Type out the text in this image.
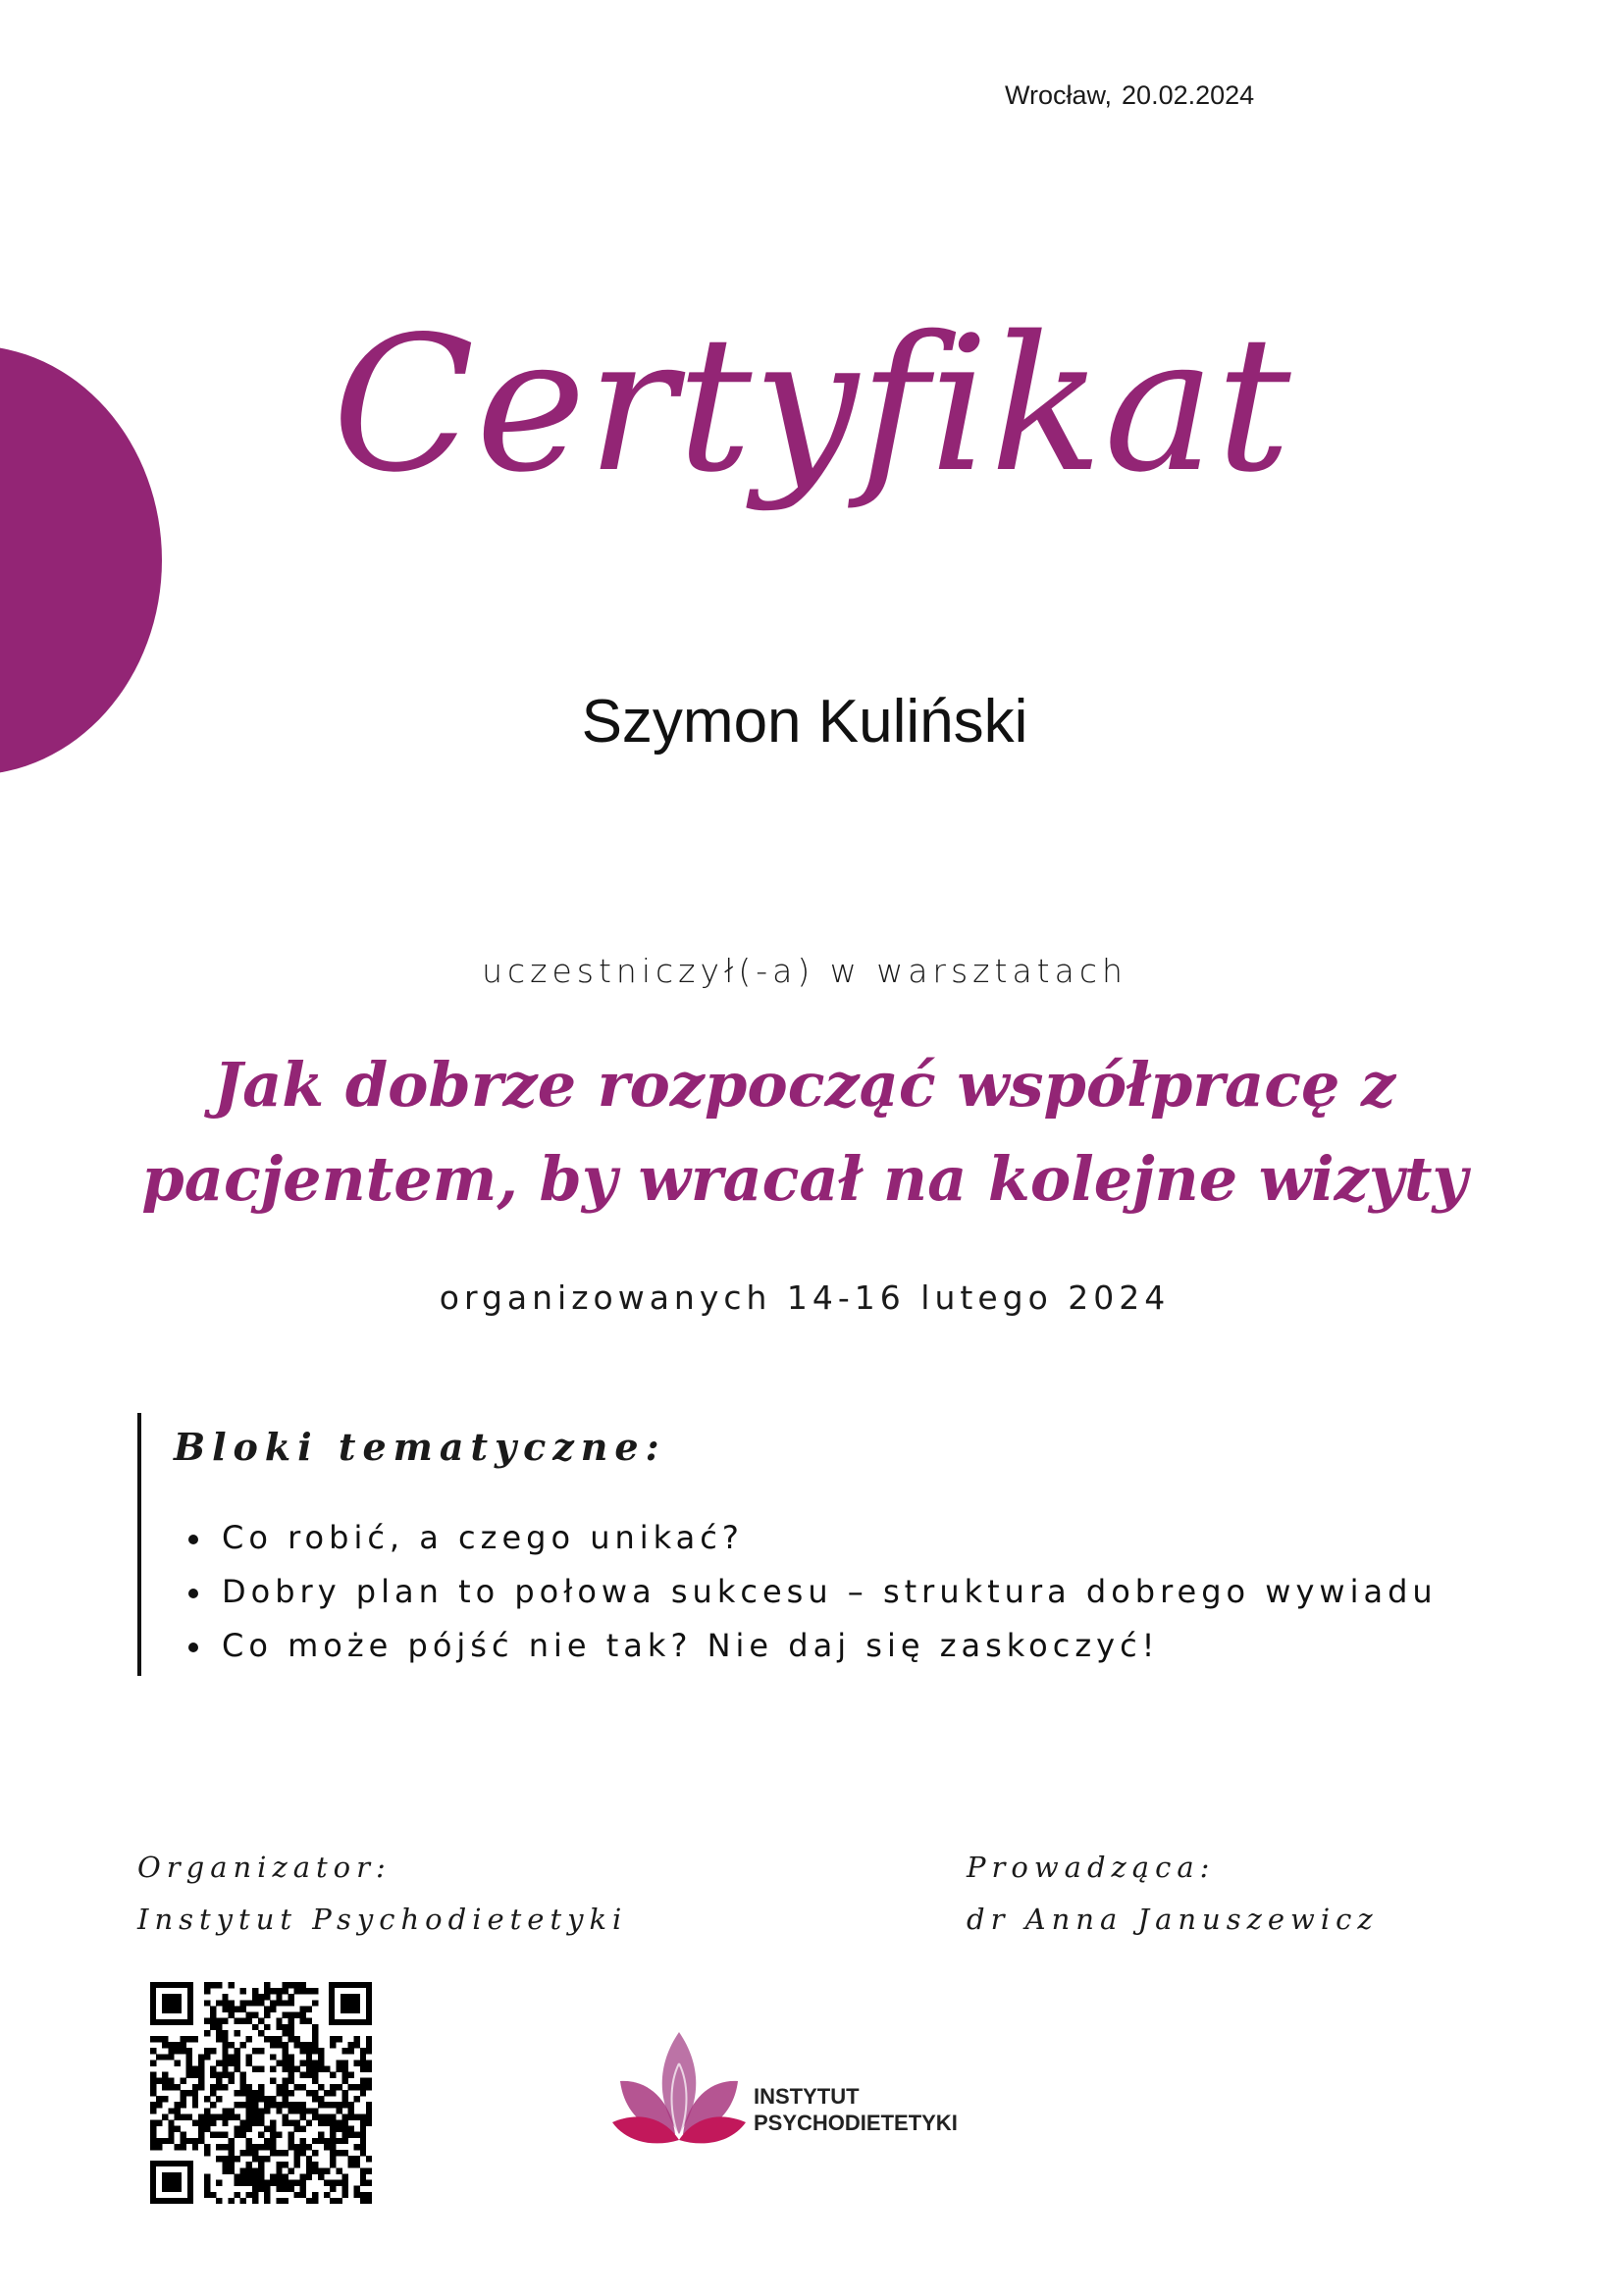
Wrocław, 20.02.2024
Certyfikat
Szymon Kuliński
uczestniczył(-a) w warsztatach
Jak dobrze rozpocząć współpracę z
pacjentem, by wracał na kolejne wizyty
organizowanych 14-16 lutego 2024
Bloki tematyczne:
Co robić, a czego unikać?
Dobry plan to połowa sukcesu – struktura dobrego wywiadu
Co może pójść nie tak? Nie daj się zaskoczyć!
Organizator:
Instytut Psychodietetyki
Prowadząca:
dr Anna Januszewicz
INSTYTUT
PSYCHODIETETYKI
